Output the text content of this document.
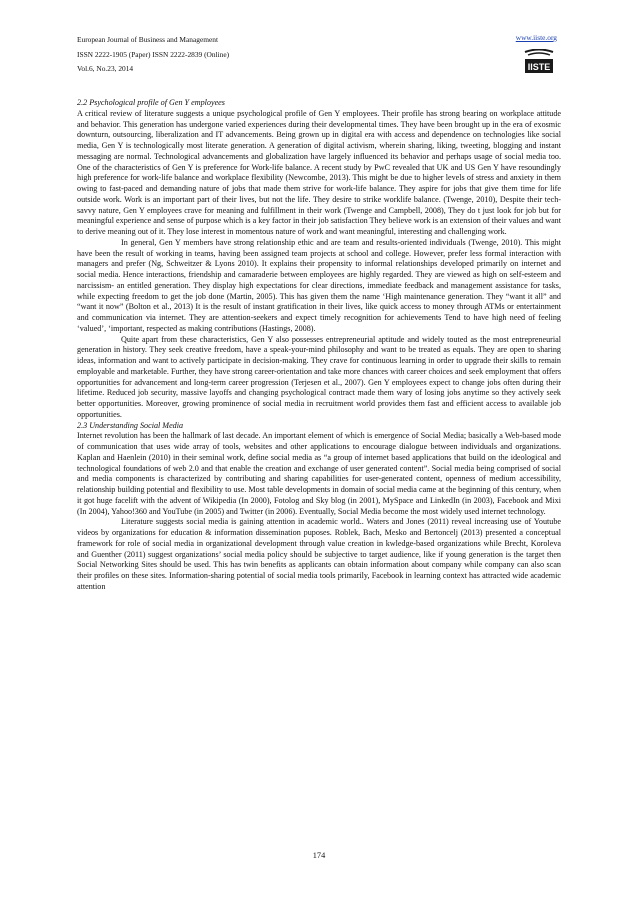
European Journal of Business and Management
ISSN 2222-1905 (Paper) ISSN 2222-2839 (Online)
Vol.6, No.23, 2014
www.iiste.org
IISTE
2.2 Psychological profile of Gen Y employees

A critical review of literature suggests a unique psychological profile of Gen Y employees. Their profile has strong bearing on workplace attitude and behavior. This generation has undergone varied experiences during their developmental times. They have been brought up in the era of exosmic downturn, outsourcing, liberalization and IT advancements. Being grown up in digital era with access and dependence on technologies like social media, Gen Y is technologically most literate generation. A generation of digital activism, wherein sharing, liking, tweeting, blogging and instant messaging are normal. Technological advancements and globalization have largely influenced its behavior and perhaps usage of social media too. One of the characteristics of Gen Y is preference for Work-life balance. A recent study by PwC revealed that UK and US Gen Y have resoundingly high preference for work-life balance and workplace flexibility (Newcombe, 2013). This might be due to higher levels of stress and anxiety in them owing to fast-paced and demanding nature of jobs that made them strive for work-life balance. They aspire for jobs that give them time for life outside work. Work is an important part of their lives, but not the life. They desire to strike worklife balance. (Twenge, 2010), Despite their tech-savvy nature, Gen Y employees crave for meaning and fulfillment in their work (Twenge and Campbell, 2008), They do t just look for job but for meaningful experience and sense of purpose which is a key factor in their job satisfaction They believe work is an extension of their values and want to derive meaning out of it. They lose interest in momentous nature of work and want meaningful, interesting and challenging work.

In general, Gen Y members have strong relationship ethic and are team and results-oriented individuals (Twenge, 2010). This might have been the result of working in teams, having been assigned team projects at school and college. However, prefer less formal interaction with managers and prefer (Ng, Schweitzer & Lyons 2010). It explains their propensity to informal relationships developed primarily on internet and social media. Hence interactions, friendship and camaraderie between employees are highly regarded. They are viewed as high on self-esteem and narcissism- an entitled generation. They display high expectations for clear directions, immediate feedback and management assistance for tasks, while expecting freedom to get the job done (Martin, 2005). This has given them the name ‘High maintenance generation. They “want it all” and “want it now” (Bolton et al., 2013) It is the result of instant gratification in their lives, like quick access to money through ATMs or entertainment and communication via internet. They are attention-seekers and expect timely recognition for achievements Tend to have high need of feeling ‘valued’, ‘important, respected as making contributions (Hastings, 2008).

Quite apart from these characteristics, Gen Y also possesses entrepreneurial aptitude and widely touted as the most entrepreneurial generation in history. They seek creative freedom, have a speak-your-mind philosophy and want to be treated as equals. They are open to sharing ideas, information and want to actively participate in decision-making. They crave for continuous learning in order to upgrade their skills to remain employable and marketable. Further, they have strong career-orientation and take more chances with career choices and seek employment that offers opportunities for advancement and long-term career progression (Terjesen et al., 2007). Gen Y employees expect to change jobs often during their lifetime. Reduced job security, massive layoffs and changing psychological contract made them wary of losing jobs anytime so they actively seek better opportunities. Moreover, growing prominence of social media in recruitment world provides them fast and efficient access to available job opportunities.

2.3 Understanding Social Media

Internet revolution has been the hallmark of last decade. An important element of which is emergence of Social Media; basically a Web-based mode of communication that uses wide array of tools, websites and other applications to encourage dialogue between individuals and organizations. Kaplan and Haenlein (2010) in their seminal work, define social media as “a group of internet based applications that build on the ideological and technological foundations of web 2.0 and that enable the creation and exchange of user generated content”. Social media being comprised of social and media components is characterized by contributing and sharing capabilities for user-generated content, openness of medium accessibility, relationship building potential and flexibility to use. Most table developments in domain of social media came at the beginning of this century, when it got huge facelift with the advent of Wikipedia (In 2000), Fotolog and Sky blog (in 2001), MySpace and LinkedIn (in 2003), Facebook and Mixi (In 2004), Yahoo!360 and YouTube (in 2005) and Twitter (in 2006). Eventually, Social Media become the most widely used internet technology.

Literature suggests social media is gaining attention in academic world.. Waters and Jones (2011) reveal increasing use of Youtube videos by organizations for education & information dissemination puposes. Roblek, Bach, Mesko and Bertoncelj (2013) presented a conceptual framework for role of social media in organizational development through value creation in kwledge-based organizations while Brecht, Koroleva and Guenther (2011) suggest organizations’ social media policy should be subjective to target audience, like if young generation is the target then Social Networking Sites should be used. This has twin benefits as applicants can obtain information about company while company can also scan their profiles on these sites. Information-sharing potential of social media tools primarily, Facebook in learning context has attracted wide academic attention

174
